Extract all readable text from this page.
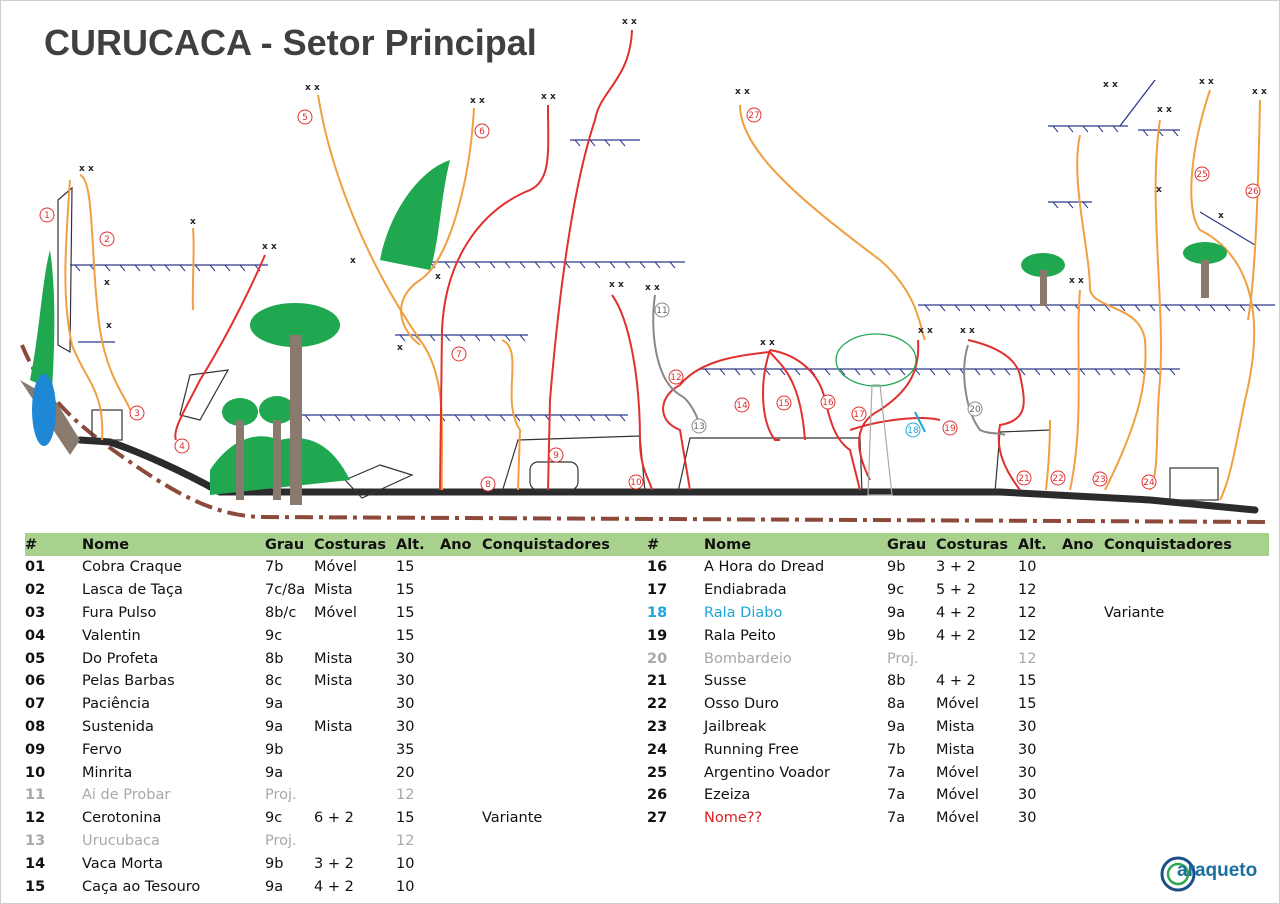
CURUCACA - Setor Principal
x x
x x
x x	x x
x x
x x
x x x x
x x
x x
x x	x x
x x
x x
x x
x x
x x
x
x
x
x
x
x
x
x
1
2
3
4
5
6
7
8
9
10
12
14	15	16
17
19
21	22	23	24
25
26
27
11
13
20
18
#	Nome	Grau	Costuras	Alt.	Ano	Conquistadores
01	Cobra Craque	7b	Móvel	15		
02	Lasca de Taça	7c/8a	Mista	15		
03	Fura Pulso	8b/c	Móvel	15		
04	Valentin	9c		15		
05	Do Profeta	8b	Mista	30		
06	Pelas Barbas	8c	Mista	30		
07	Paciência	9a		30		
08	Sustenida	9a	Mista	30		
09	Fervo	9b		35		
10	Minrita	9a		20		
11	Ai de Probar	Proj.		12		
12	Cerotonina	9c	6 + 2	15		Variante
13	Urucubaca	Proj.		12		
14	Vaca Morta	9b	3 + 2	10		
15	Caça ao Tesouro	9a	4 + 2	10		
#	Nome	Grau	Costuras	Alt.	Ano	Conquistadores
16	A Hora do Dread	9b	3 + 2	10		
17	Endiabrada	9c	5 + 2	12		
18	Rala Diabo	9a	4 + 2	12		Variante
19	Rala Peito	9b	4 + 2	12		
20	Bombardeio	Proj.		12		
21	Susse	8b	4 + 2	15		
22	Osso Duro	8a	Móvel	15		
23	Jailbreak	9a	Mista	30		
24	Running Free	7b	Mista	30		
25	Argentino Voador	7a	Móvel	30		
26	Ezeiza	7a	Móvel	30		
27	Nome??	7a	Móvel	30		
araqueto
